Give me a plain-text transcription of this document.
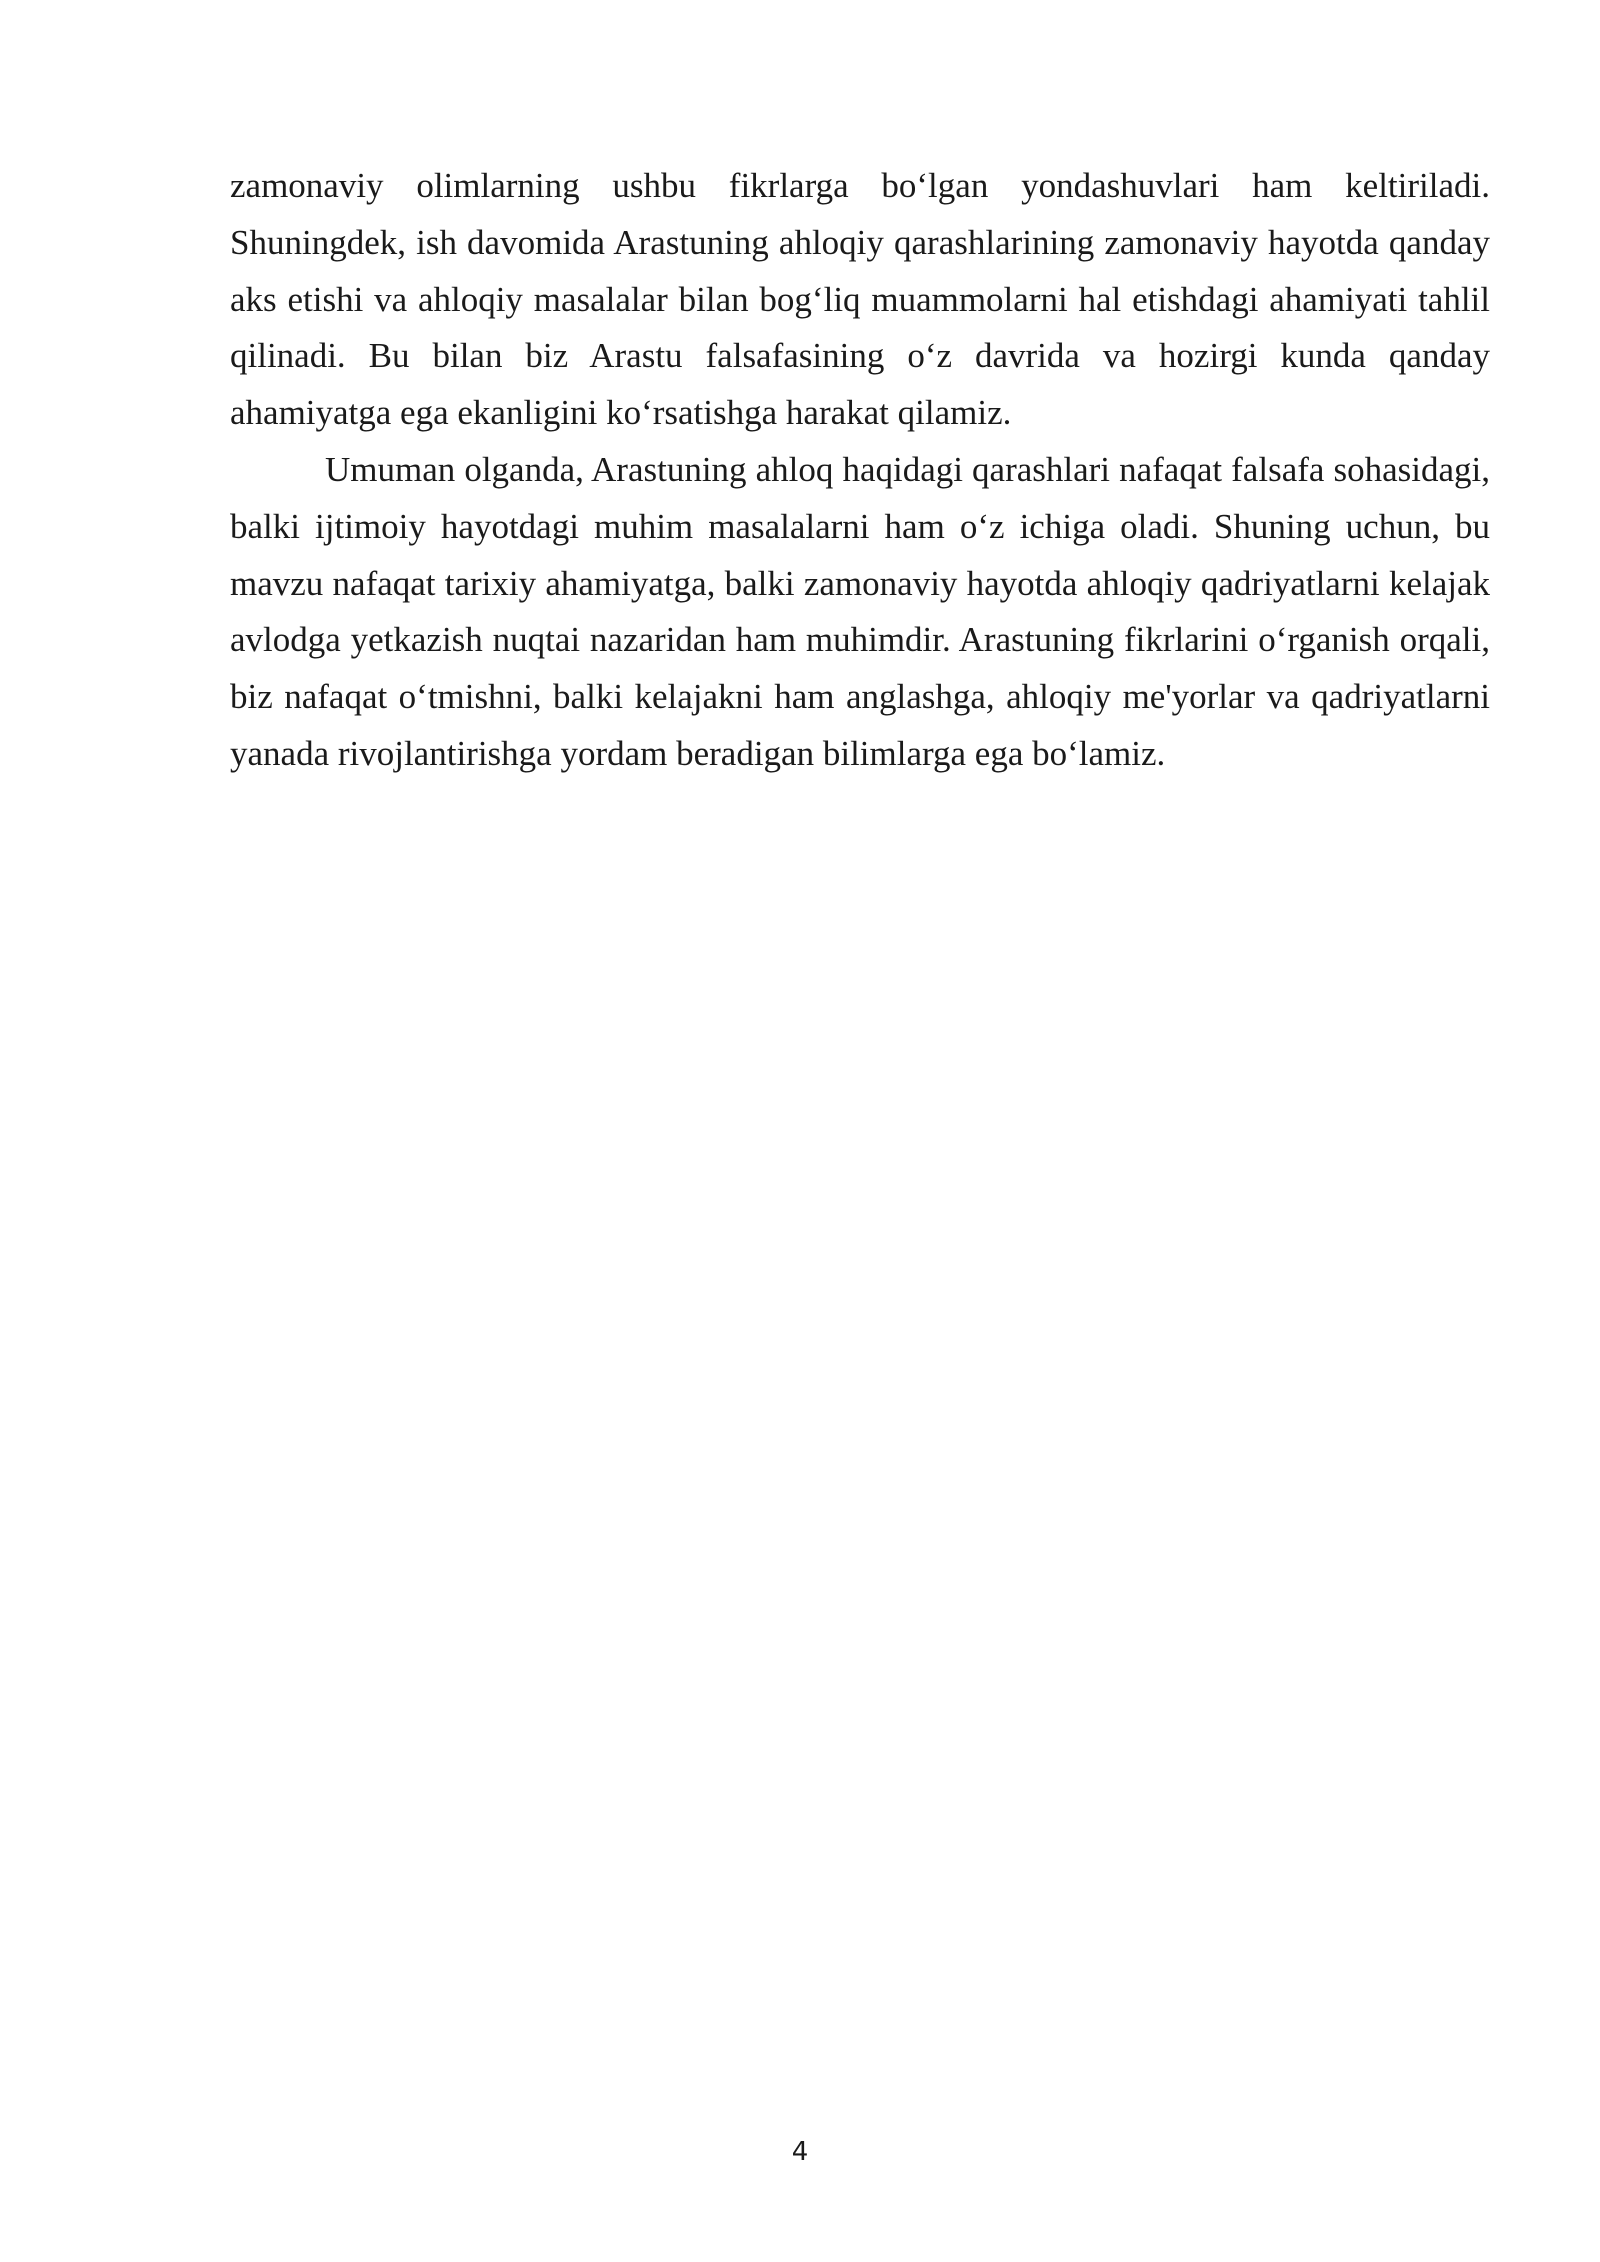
zamonaviy olimlarning ushbu fikrlarga bo‘lgan yondashuvlari ham keltiriladi. Shuningdek, ish davomida Arastuning ahloqiy qarashlarining zamonaviy hayotda qanday aks etishi va ahloqiy masalalar bilan bog‘liq muammolarni hal etishdagi ahamiyati tahlil qilinadi. Bu bilan biz Arastu falsafasining o‘z davrida va hozirgi kunda qanday ahamiyatga ega ekanligini ko‘rsatishga harakat qilamiz.

Umuman olganda, Arastuning ahloq haqidagi qarashlari nafaqat falsafa sohasidagi, balki ijtimoiy hayotdagi muhim masalalarni ham o‘z ichiga oladi. Shuning uchun, bu mavzu nafaqat tarixiy ahamiyatga, balki zamonaviy hayotda ahloqiy qadriyatlarni kelajak avlodga yetkazish nuqtai nazaridan ham muhimdir. Arastuning fikrlarini o‘rganish orqali, biz nafaqat o‘tmishni, balki kelajakni ham anglashga, ahloqiy me'yorlar va qadriyatlarni yanada rivojlantirishga yordam beradigan bilimlarga ega bo‘lamiz.

4
